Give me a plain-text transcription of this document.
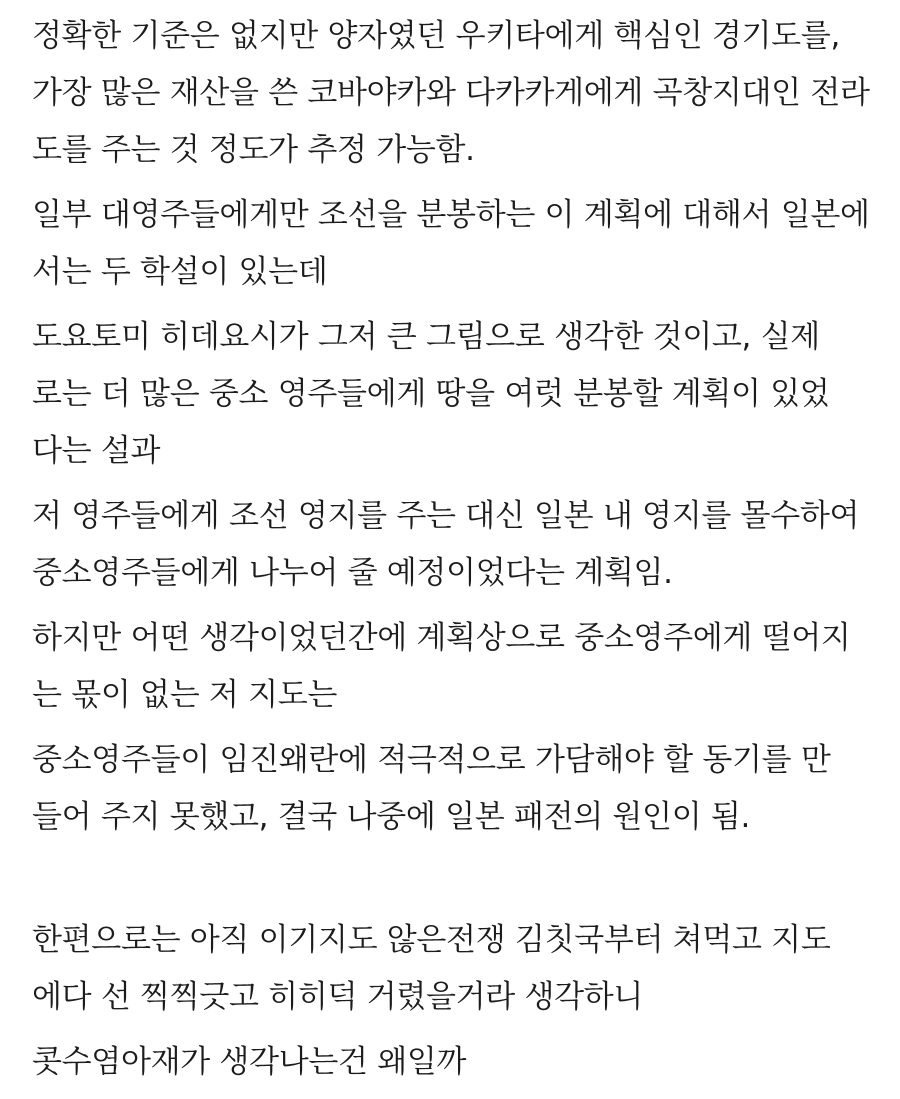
정확한 기준은 없지만 양자였던 우키타에게 핵심인 경기도를,
가장 많은 재산을 쓴 코바야카와 다카카게에게 곡창지대인 전라
도를 주는 것 정도가 추정 가능함.
일부 대영주들에게만 조선을 분봉하는 이 계획에 대해서 일본에
서는 두 학설이 있는데
도요토미 히데요시가 그저 큰 그림으로 생각한 것이고, 실제
로는 더 많은 중소 영주들에게 땅을 여럿 분봉할 계획이 있었
다는 설과
저 영주들에게 조선 영지를 주는 대신 일본 내 영지를 몰수하여
중소영주들에게 나누어 줄 예정이었다는 계획임.
하지만 어떤 생각이었던간에 계획상으로 중소영주에게 떨어지
는 몫이 없는 저 지도는
중소영주들이 임진왜란에 적극적으로 가담해야 할 동기를 만
들어 주지 못했고, 결국 나중에 일본 패전의 원인이 됨.
한편으로는 아직 이기지도 않은전쟁 김칫국부터 쳐먹고 지도
에다 선 찍찍긋고 히히덕 거렸을거라 생각하니
콧수염아재가 생각나는건 왜일까
